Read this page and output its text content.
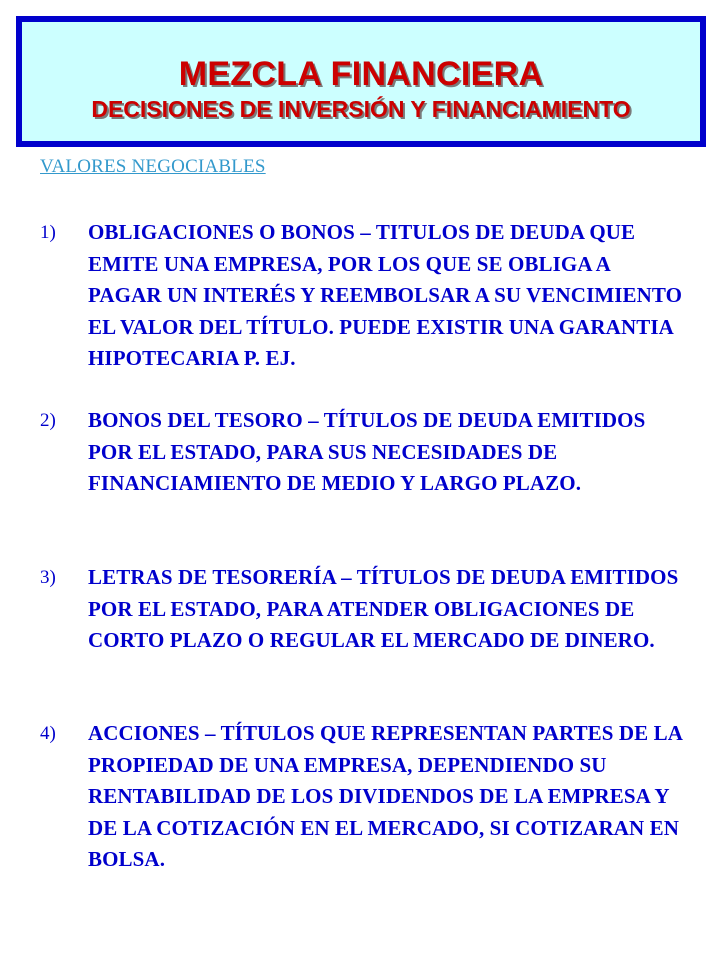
MEZCLA FINANCIERA
DECISIONES DE INVERSIÓN Y FINANCIAMIENTO
VALORES NEGOCIABLES
1) OBLIGACIONES O BONOS – TITULOS DE DEUDA QUE EMITE UNA EMPRESA, POR LOS QUE SE OBLIGA A PAGAR UN INTERÉS Y REEMBOLSAR A SU VENCIMIENTO EL VALOR DEL TÍTULO. PUEDE EXISTIR UNA GARANTIA HIPOTECARIA P. EJ.
2) BONOS DEL TESORO – TÍTULOS DE DEUDA EMITIDOS POR EL ESTADO, PARA SUS NECESIDADES DE FINANCIAMIENTO DE MEDIO Y LARGO PLAZO.
3) LETRAS DE TESORERÍA – TÍTULOS DE DEUDA EMITIDOS POR EL ESTADO, PARA ATENDER OBLIGACIONES DE CORTO PLAZO O REGULAR EL MERCADO DE DINERO.
4) ACCIONES – TÍTULOS QUE REPRESENTAN PARTES DE LA PROPIEDAD DE UNA EMPRESA, DEPENDIENDO SU RENTABILIDAD DE LOS DIVIDENDOS DE LA EMPRESA Y DE LA COTIZACIÓN EN EL MERCADO, SI COTIZARAN EN BOLSA.
